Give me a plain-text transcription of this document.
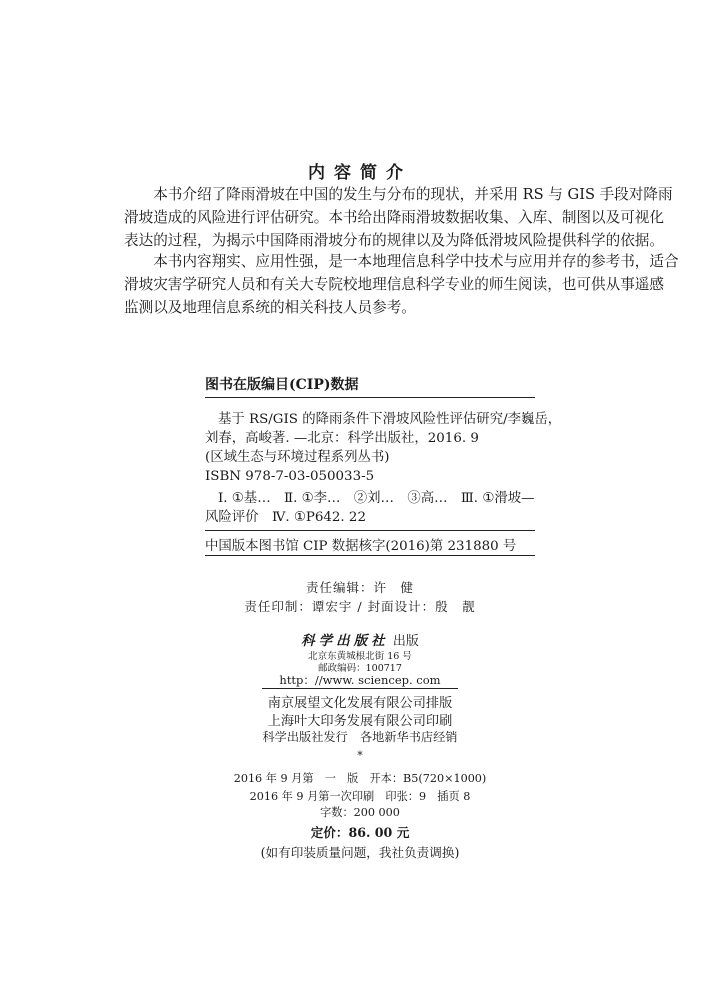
内容简介
　　本书介绍了降雨滑坡在中国的发生与分布的现状，并采用 RS 与 GIS 手段对降雨
滑坡造成的风险进行评估研究。本书给出降雨滑坡数据收集、入库、制图以及可视化
表达的过程，为揭示中国降雨滑坡分布的规律以及为降低滑坡风险提供科学的依据。
　　本书内容翔实、应用性强，是一本地理信息科学中技术与应用并存的参考书，适合
滑坡灾害学研究人员和有关大专院校地理信息科学专业的师生阅读，也可供从事遥感
监测以及地理信息系统的相关科技人员参考。
图书在版编目(CIP)数据
基于 RS/GIS 的降雨条件下滑坡风险性评估研究/李巍岳，
刘春，高峻著. —北京：科学出版社，2016. 9
(区域生态与环境过程系列丛书)
ISBN 978-7-03-050033-5
Ⅰ. ①基…　Ⅱ. ①李…　②刘…　③高…　Ⅲ. ①滑坡—
风险评价　Ⅳ. ①P642. 22
中国版本图书馆 CIP 数据核字(2016)第 231880 号
责任编辑：许　健
责任印制：谭宏宇 / 封面设计：殷　靓
科学出版社 出版
北京东黄城根北街 16 号
邮政编码：100717
http：//www. sciencep. com
南京展望文化发展有限公司排版
上海叶大印务发展有限公司印刷
科学出版社发行　各地新华书店经销
*
2016 年 9 月第　一　版　开本：B5(720×1000)
2016 年 9 月第一次印刷　印张：9　插页 8
字数：200 000
定价：86. 00 元
(如有印装质量问题，我社负责调换)
